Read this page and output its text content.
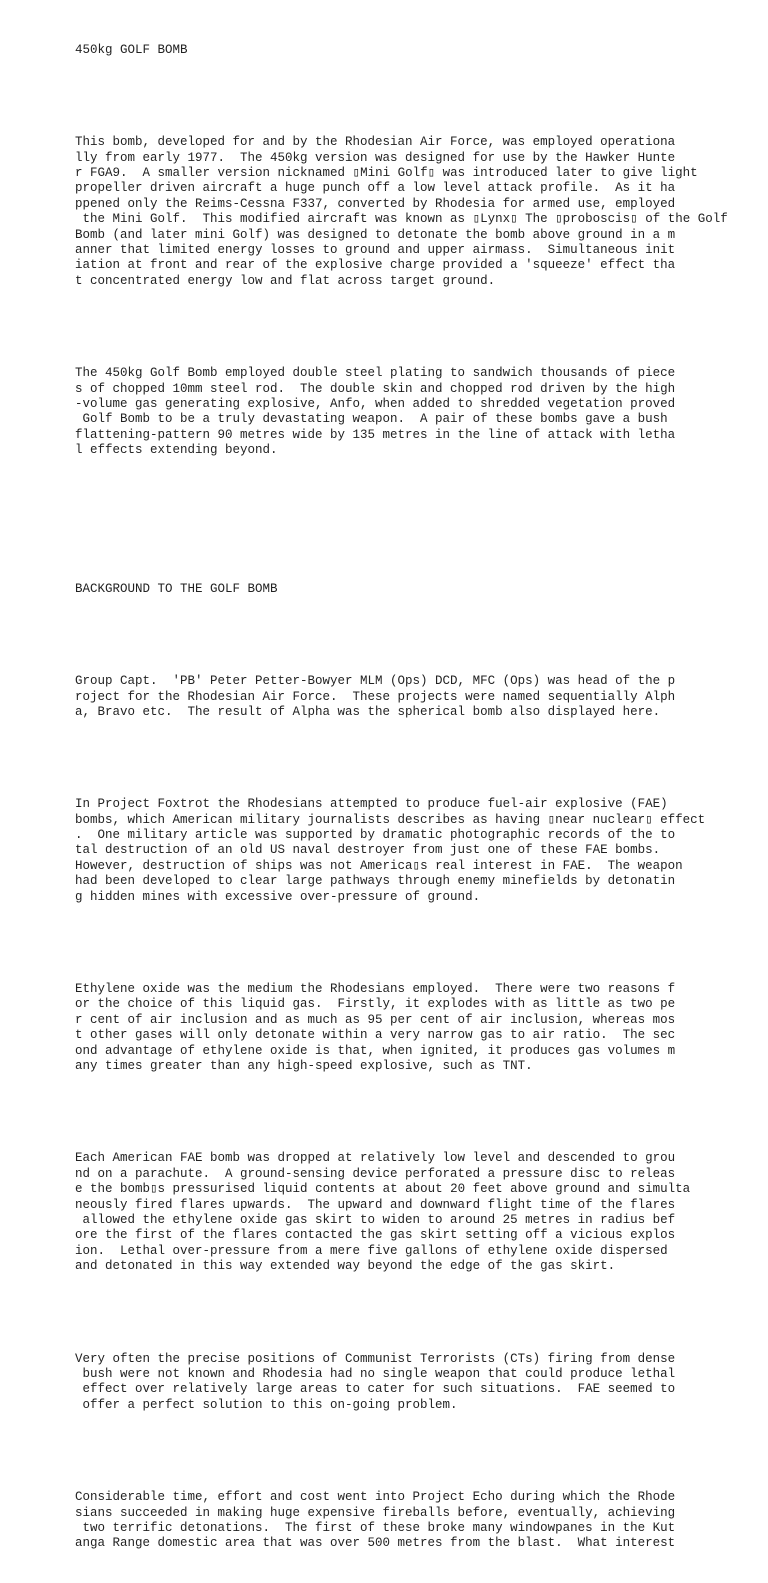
450kg GOLF BOMB

This bomb, developed for and by the Rhodesian Air Force, was employed operationa
lly from early 1977.  The 450kg version was designed for use by the Hawker Hunte
r FGA9.  A smaller version nicknamed ▯Mini Golf▯ was introduced later to give light
propeller driven aircraft a huge punch off a low level attack profile.  As it ha
ppened only the Reims-Cessna F337, converted by Rhodesia for armed use, employed
the Mini Golf.  This modified aircraft was known as ▯Lynx▯ The ▯proboscis▯ of the Golf
Bomb (and later mini Golf) was designed to detonate the bomb above ground in a m
anner that limited energy losses to ground and upper airmass.  Simultaneous init
iation at front and rear of the explosive charge provided a 'squeeze' effect tha
t concentrated energy low and flat across target ground.

The 450kg Golf Bomb employed double steel plating to sandwich thousands of piece
s of chopped 10mm steel rod.  The double skin and chopped rod driven by the high
-volume gas generating explosive, Anfo, when added to shredded vegetation proved
Golf Bomb to be a truly devastating weapon.  A pair of these bombs gave a bush
flattening-pattern 90 metres wide by 135 metres in the line of attack with letha
l effects extending beyond.

BACKGROUND TO THE GOLF BOMB

Group Capt.  'PB' Peter Petter-Bowyer MLM (Ops) DCD, MFC (Ops) was head of the p
roject for the Rhodesian Air Force.  These projects were named sequentially Alph
a, Bravo etc.  The result of Alpha was the spherical bomb also displayed here.

In Project Foxtrot the Rhodesians attempted to produce fuel-air explosive (FAE)
bombs, which American military journalists describes as having ▯near nuclear▯ effect
.  One military article was supported by dramatic photographic records of the to
tal destruction of an old US naval destroyer from just one of these FAE bombs.
However, destruction of ships was not America▯s real interest in FAE.  The weapon
had been developed to clear large pathways through enemy minefields by detonatin
g hidden mines with excessive over-pressure of ground.

Ethylene oxide was the medium the Rhodesians employed.  There were two reasons f
or the choice of this liquid gas.  Firstly, it explodes with as little as two pe
r cent of air inclusion and as much as 95 per cent of air inclusion, whereas mos
t other gases will only detonate within a very narrow gas to air ratio.  The sec
ond advantage of ethylene oxide is that, when ignited, it produces gas volumes m
any times greater than any high-speed explosive, such as TNT.

Each American FAE bomb was dropped at relatively low level and descended to grou
nd on a parachute.  A ground-sensing device perforated a pressure disc to releas
e the bomb▯s pressurised liquid contents at about 20 feet above ground and simulta
neously fired flares upwards.  The upward and downward flight time of the flares
allowed the ethylene oxide gas skirt to widen to around 25 metres in radius bef
ore the first of the flares contacted the gas skirt setting off a vicious explos
ion.  Lethal over-pressure from a mere five gallons of ethylene oxide dispersed
and detonated in this way extended way beyond the edge of the gas skirt.

Very often the precise positions of Communist Terrorists (CTs) firing from dense
bush were not known and Rhodesia had no single weapon that could produce lethal
effect over relatively large areas to cater for such situations.  FAE seemed to
offer a perfect solution to this on-going problem.

Considerable time, effort and cost went into Project Echo during which the Rhode
sians succeeded in making huge expensive fireballs before, eventually, achieving
two terrific detonations.  The first of these broke many windowpanes in the Kut
anga Range domestic area that was over 500 metres from the blast.  What interest
